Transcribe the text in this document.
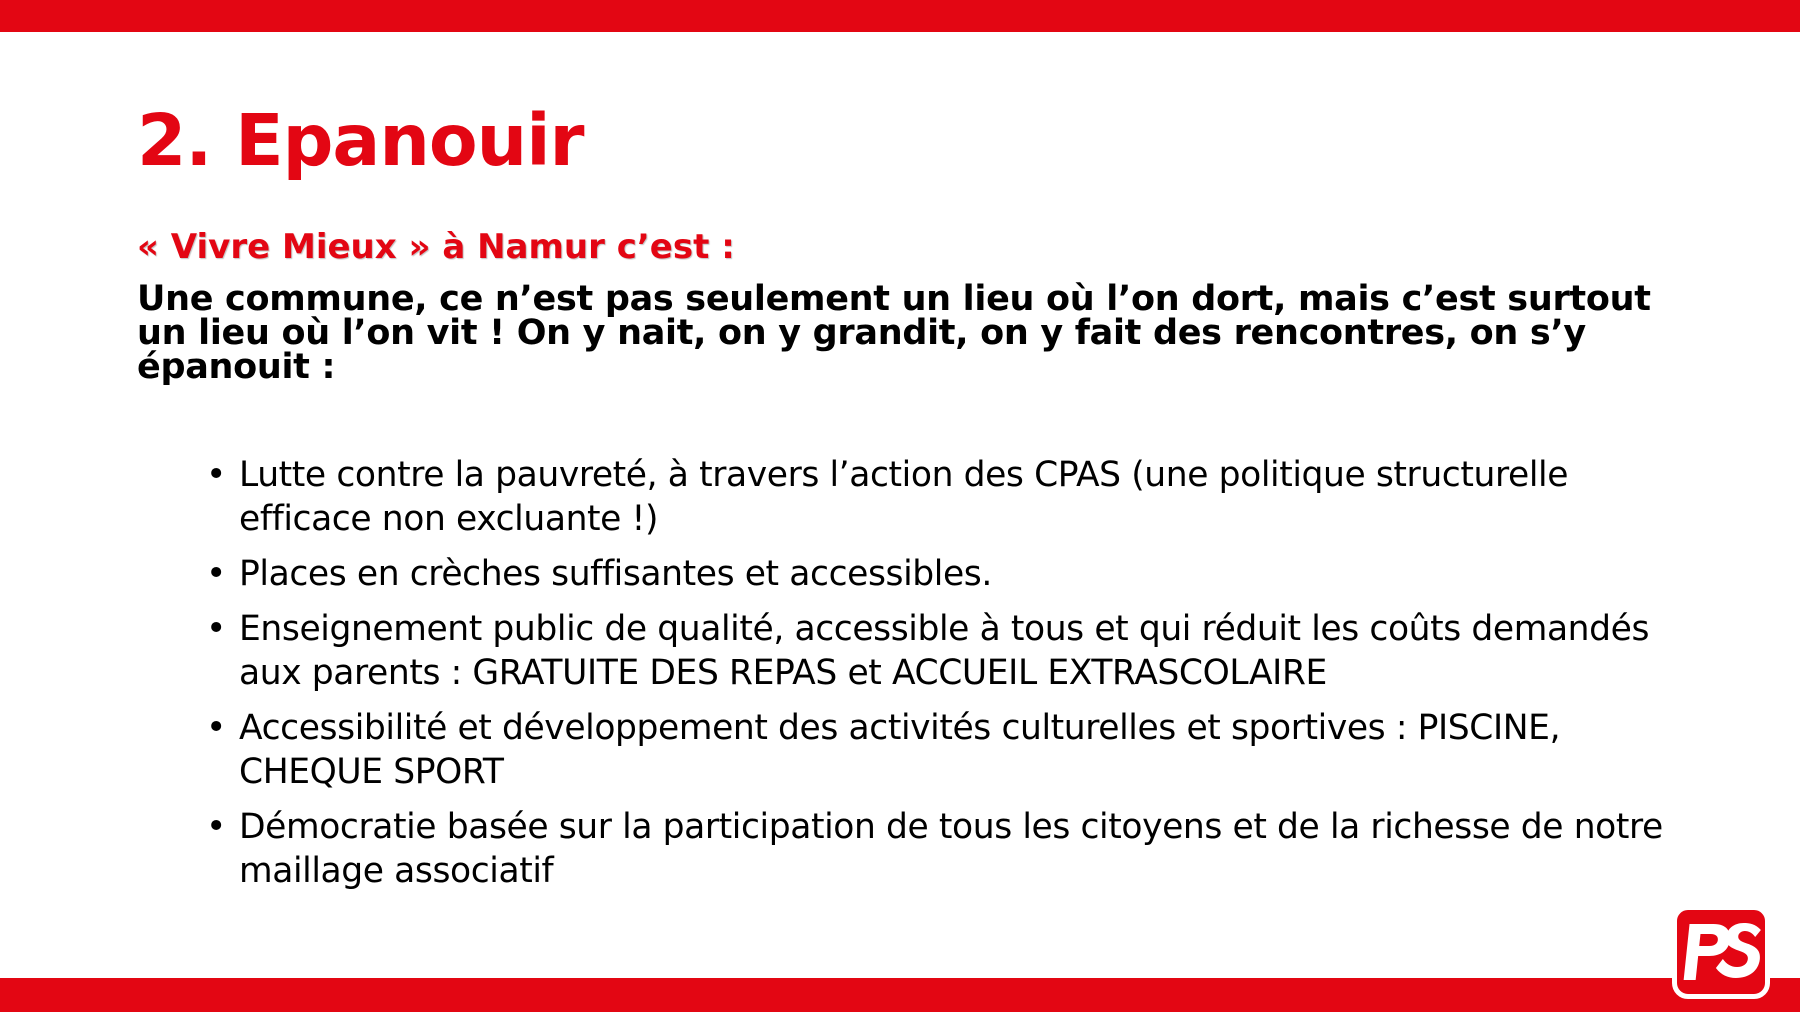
2. Epanouir

« Vivre Mieux » à Namur c’est :

Une commune, ce n’est pas seulement un lieu où l’on dort, mais c’est surtout un lieu où l’on vit ! On y nait, on y grandit, on y fait des rencontres, on s’y épanouit :

• Lutte contre la pauvreté, à travers l’action des CPAS (une politique structurelle efficace non excluante !)
• Places en crèches suffisantes et accessibles.
• Enseignement public de qualité, accessible à tous et qui réduit les coûts demandés aux parents : GRATUITE DES REPAS et ACCUEIL EXTRASCOLAIRE
• Accessibilité et développement des activités culturelles et sportives : PISCINE, CHEQUE SPORT
• Démocratie basée sur la participation de tous les citoyens et de la richesse de notre maillage associatif
